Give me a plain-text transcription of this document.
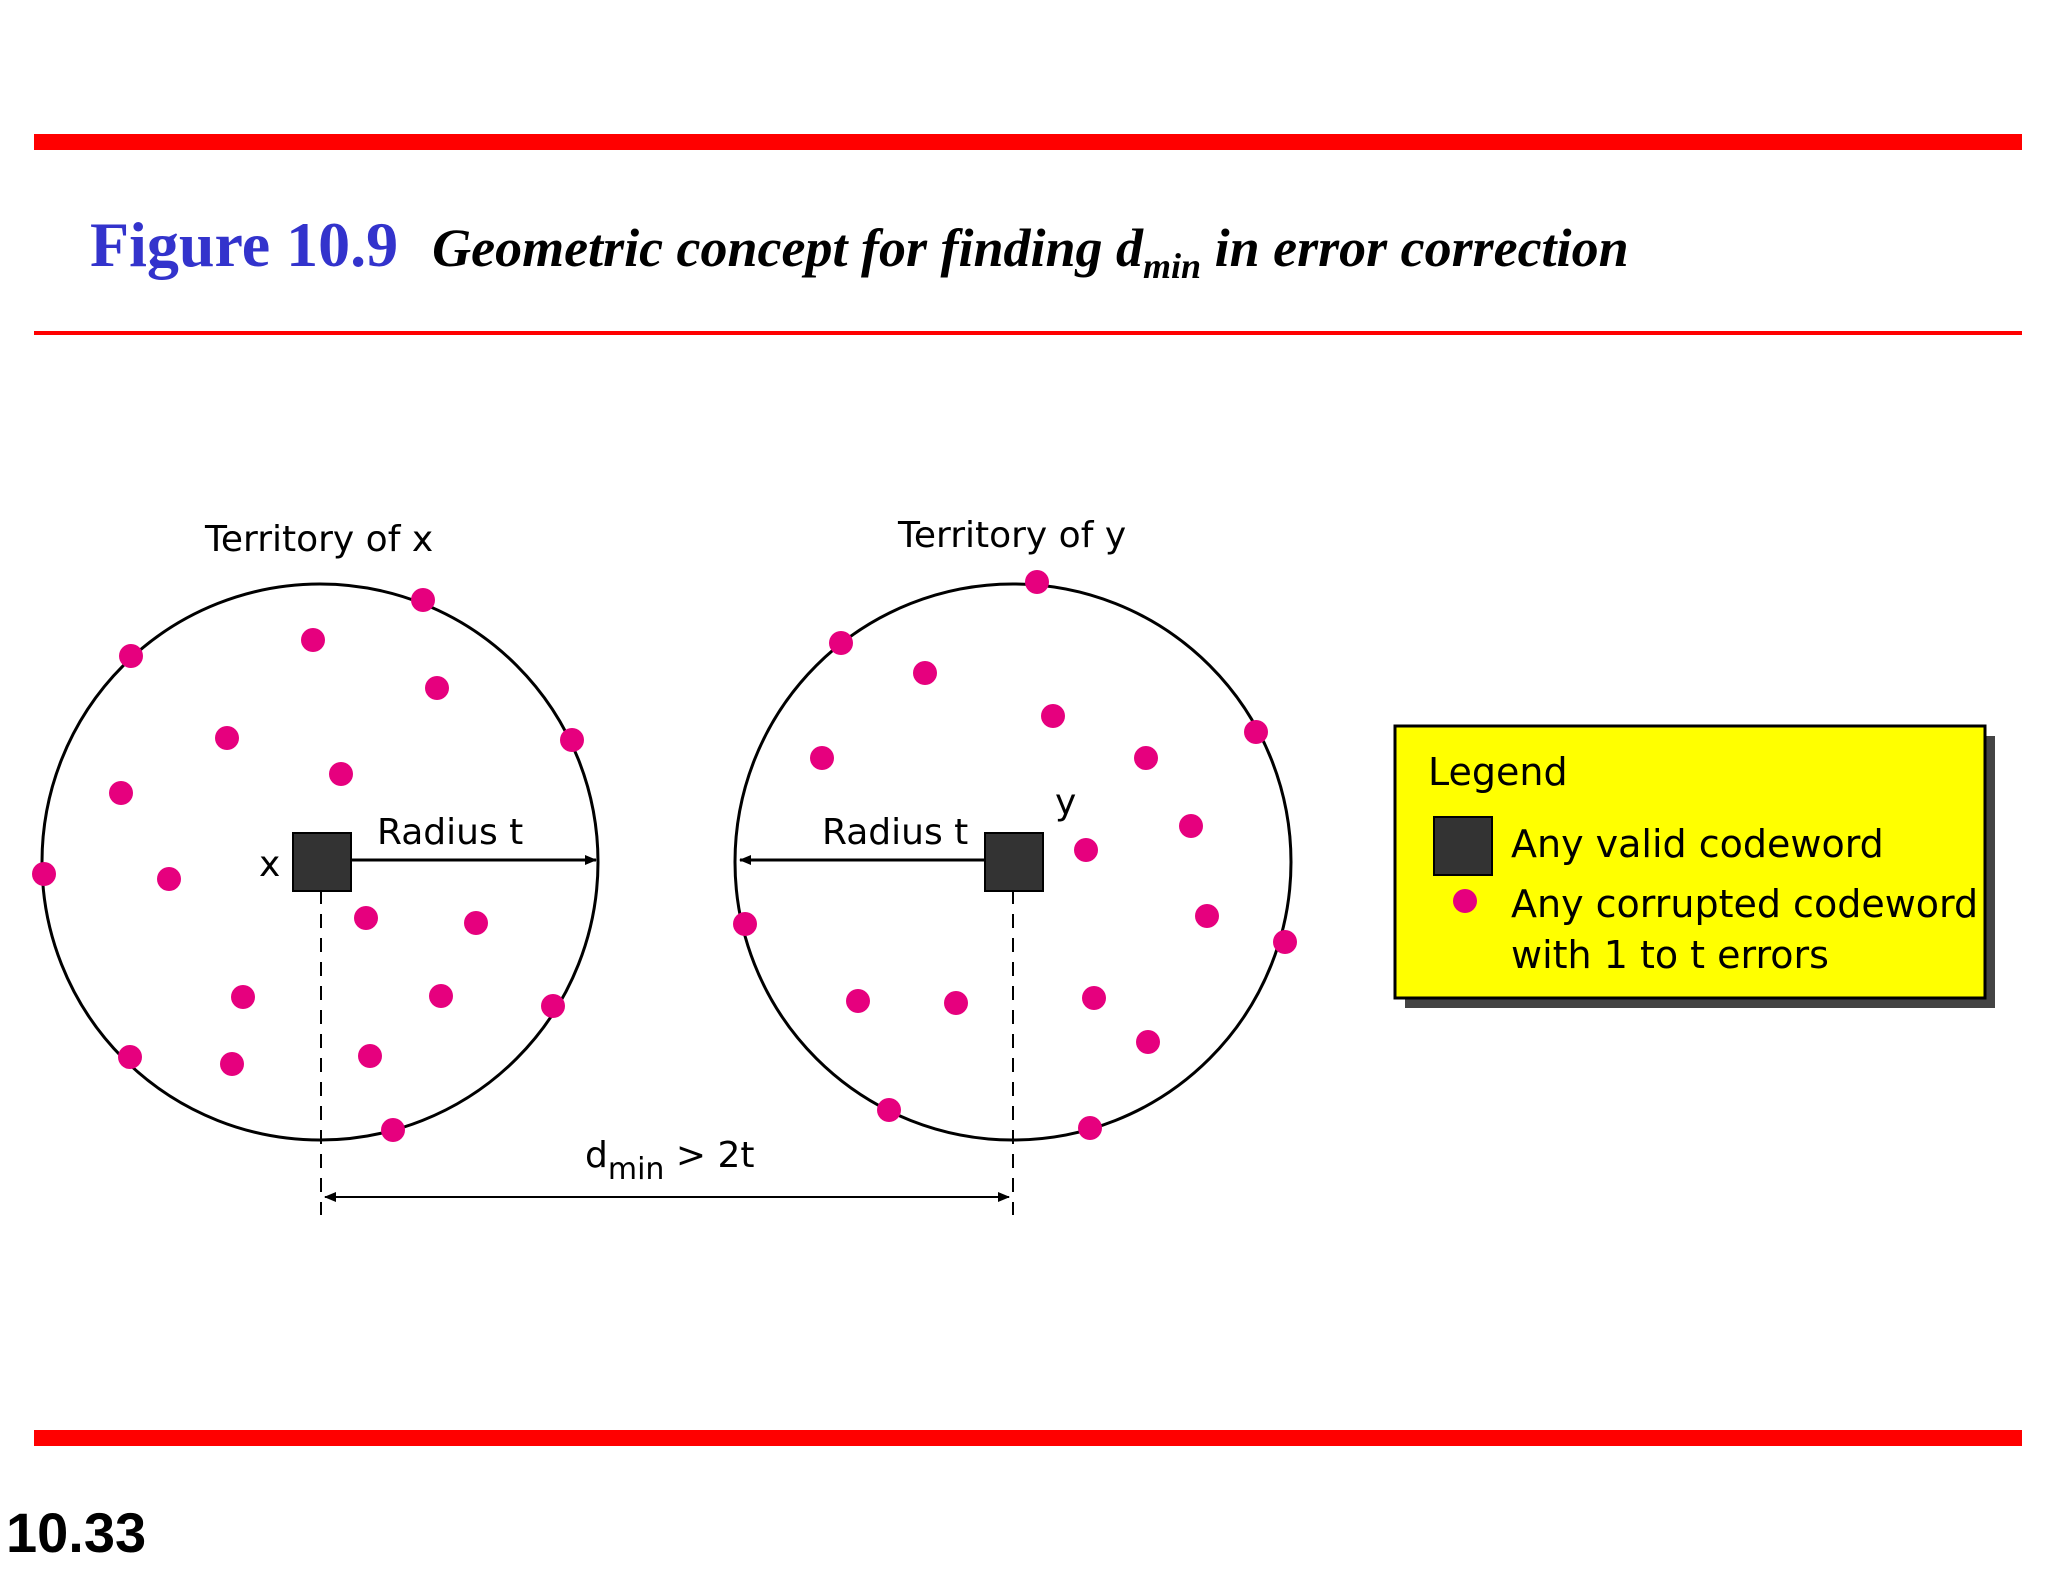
Figure 10.9 Geometric concept for finding $d_{min}$ in error correction
Territory of x	Territory of y
Radius t	Radius t
x
y
$d_{min} > 2t$
Legend
Any valid codeword
Any corrupted codeword
with 1 to t errors
10.33
